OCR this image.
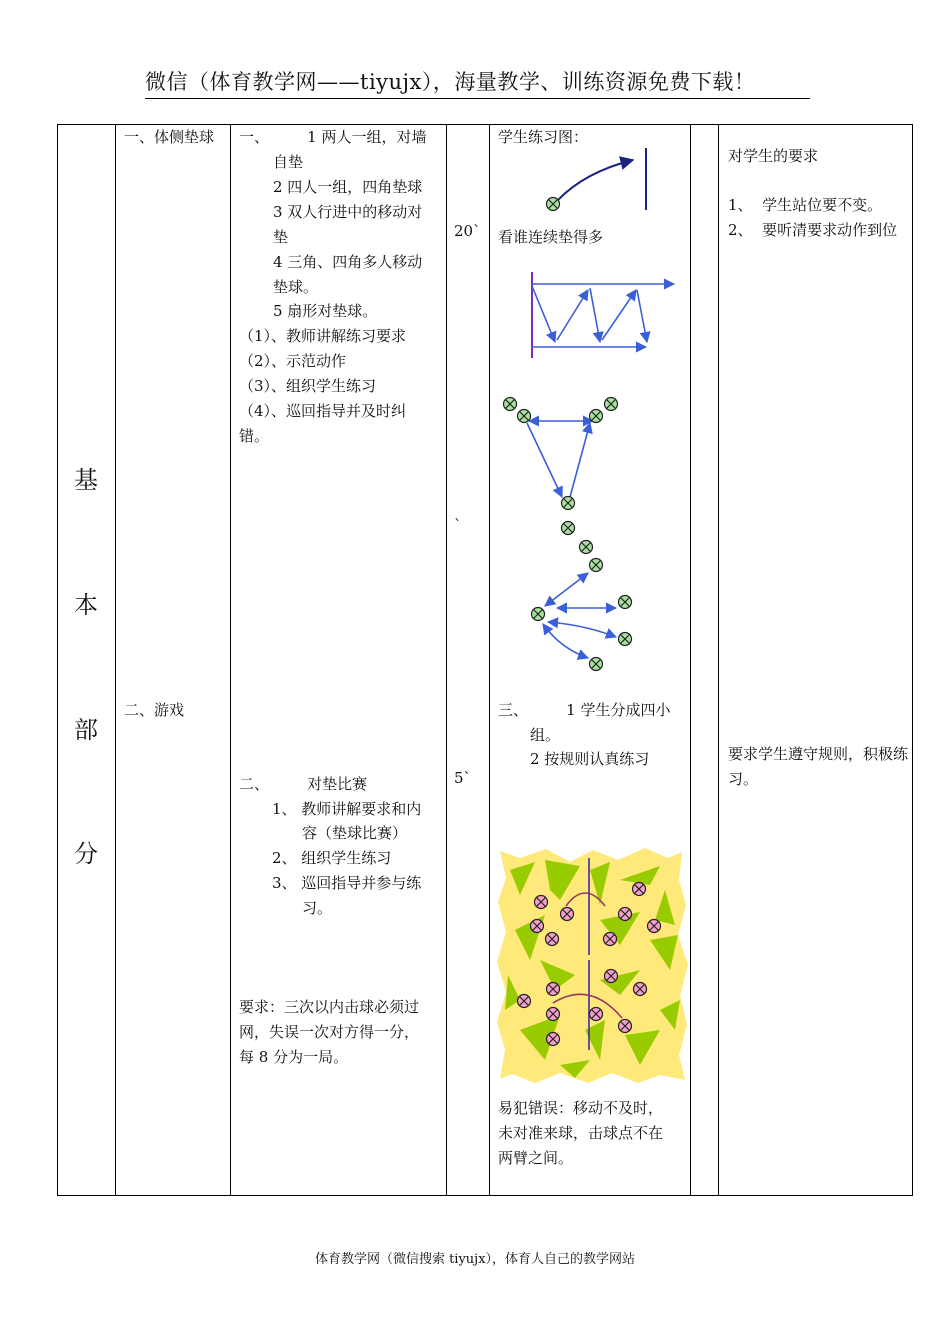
微信（体育教学网——tiyujx），海量教学、训练资源免费下载！
基
本
部
分
一、体侧垫球
二、游戏
一、        1 两人一组，对墙
自垫
2 四人一组，四角垫球
3 双人行进中的移动对
垫
4 三角、四角多人移动
垫球。
5 扇形对垫球。
（1）、教师讲解练习要求
（2）、示范动作
（3）、组织学生练习
（4）、巡回指导并及时纠
错。
二、        对垫比赛
1、 教师讲解要求和内
容（垫球比赛）
2、 组织学生练习
3、 巡回指导并参与练
习。
要求：三次以内击球必须过
网，失误一次对方得一分，
每 8 分为一局。
20`
`
5`
学生练习图：
看谁连续垫得多
三、        1 学生分成四小
组。
2 按规则认真练习
易犯错误：移动不及时，
未对准来球，击球点不在
两臂之间。
对学生的要求
1、  学生站位要不变。
2、  要听清要求动作到位
要求学生遵守规则，积极练
习。
体育教学网（微信搜索 tiyujx），体育人自己的教学网站
